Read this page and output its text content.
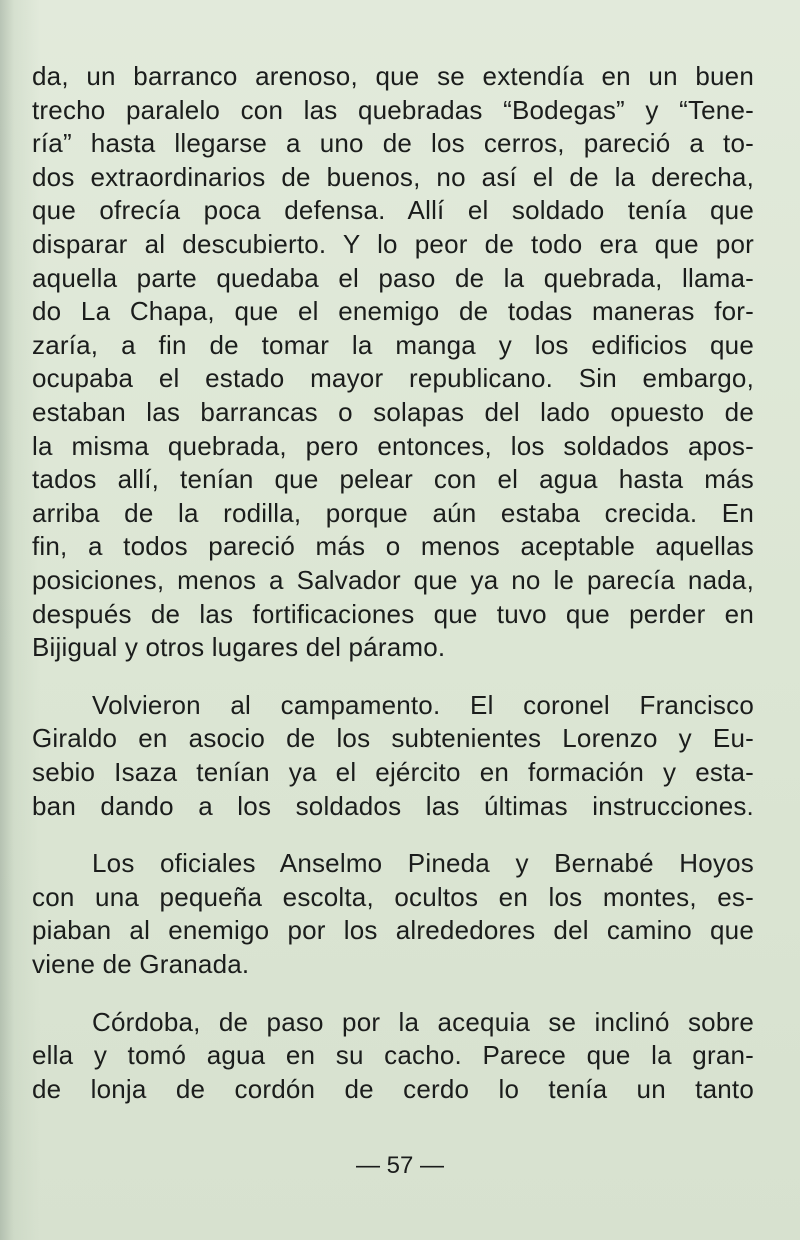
da, un barranco arenoso, que se extendía en un buen
trecho paralelo con las quebradas “Bodegas” y “Tene-
ría” hasta llegarse a uno de los cerros, pareció a to-
dos extraordinarios de buenos, no así el de la derecha,
que ofrecía poca defensa. Allí el soldado tenía que
disparar al descubierto. Y lo peor de todo era que por
aquella parte quedaba el paso de la quebrada, llama-
do La Chapa, que el enemigo de todas maneras for-
zaría, a fin de tomar la manga y los edificios que
ocupaba el estado mayor republicano. Sin embargo,
estaban las barrancas o solapas del lado opuesto de
la misma quebrada, pero entonces, los soldados apos-
tados allí, tenían que pelear con el agua hasta más
arriba de la rodilla, porque aún estaba crecida. En
fin, a todos pareció más o menos aceptable aquellas
posiciones, menos a Salvador que ya no le parecía nada,
después de las fortificaciones que tuvo que perder en
Bijigual y otros lugares del páramo.
Volvieron al campamento. El coronel Francisco
Giraldo en asocio de los subtenientes Lorenzo y Eu-
sebio Isaza tenían ya el ejército en formación y esta-
ban dando a los soldados las últimas instrucciones.
Los oficiales Anselmo Pineda y Bernabé Hoyos
con una pequeña escolta, ocultos en los montes, es-
piaban al enemigo por los alrededores del camino que
viene de Granada.
Córdoba, de paso por la acequia se inclinó sobre
ella y tomó agua en su cacho. Parece que la gran-
de lonja de cordón de cerdo lo tenía un tanto
— 57 —
